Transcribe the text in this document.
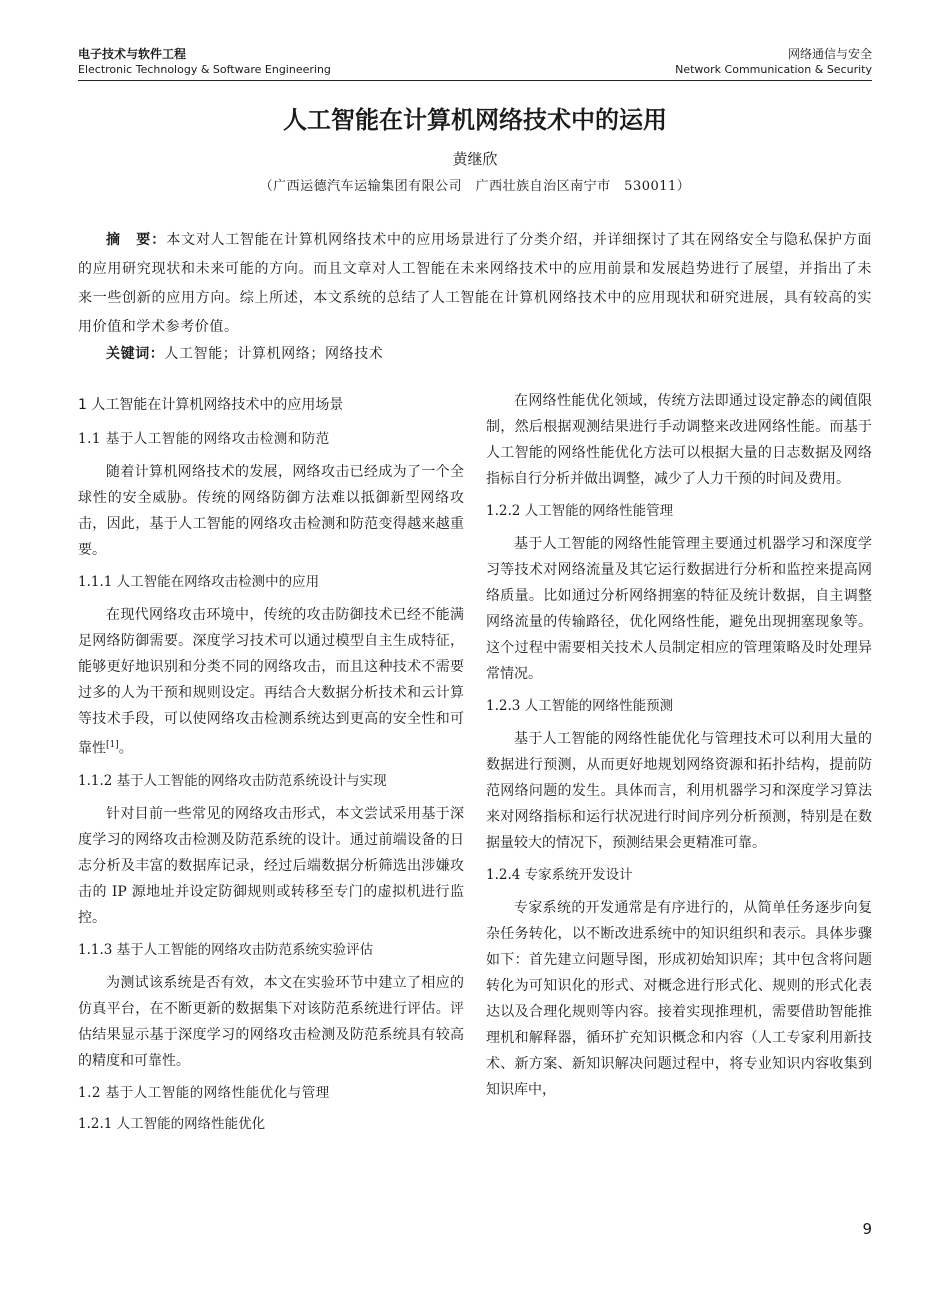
电子技术与软件工程
Electronic Technology & Software Engineering
网络通信与安全
Network Communication & Security
人工智能在计算机网络技术中的运用
黄继欣
（广西运德汽车运输集团有限公司　广西壮族自治区南宁市　530011）
摘　要：本文对人工智能在计算机网络技术中的应用场景进行了分类介绍，并详细探讨了其在网络安全与隐私保护方面的应用研究现状和未来可能的方向。而且文章对人工智能在未来网络技术中的应用前景和发展趋势进行了展望，并指出了未来一些创新的应用方向。综上所述，本文系统的总结了人工智能在计算机网络技术中的应用现状和研究进展，具有较高的实用价值和学术参考价值。
关键词：人工智能；计算机网络；网络技术
1 人工智能在计算机网络技术中的应用场景
1.1 基于人工智能的网络攻击检测和防范

随着计算机网络技术的发展，网络攻击已经成为了一个全球性的安全威胁。传统的网络防御方法难以抵御新型网络攻击，因此，基于人工智能的网络攻击检测和防范变得越来越重要。

1.1.1 人工智能在网络攻击检测中的应用

在现代网络攻击环境中，传统的攻击防御技术已经不能满足网络防御需要。深度学习技术可以通过模型自主生成特征，能够更好地识别和分类不同的网络攻击，而且这种技术不需要过多的人为干预和规则设定。再结合大数据分析技术和云计算等技术手段，可以使网络攻击检测系统达到更高的安全性和可靠性[1]。

1.1.2 基于人工智能的网络攻击防范系统设计与实现

针对目前一些常见的网络攻击形式，本文尝试采用基于深度学习的网络攻击检测及防范系统的设计。通过前端设备的日志分析及丰富的数据库记录，经过后端数据分析筛选出涉嫌攻击的 IP 源地址并设定防御规则或转移至专门的虚拟机进行监控。

1.1.3 基于人工智能的网络攻击防范系统实验评估

为测试该系统是否有效，本文在实验环节中建立了相应的仿真平台，在不断更新的数据集下对该防范系统进行评估。评估结果显示基于深度学习的网络攻击检测及防范系统具有较高的精度和可靠性。

1.2 基于人工智能的网络性能优化与管理
1.2.1 人工智能的网络性能优化

在网络性能优化领域，传统方法即通过设定静态的阈值限制，然后根据观测结果进行手动调整来改进网络性能。而基于人工智能的网络性能优化方法可以根据大量的日志数据及网络指标自行分析并做出调整，减少了人力干预的时间及费用。

1.2.2 人工智能的网络性能管理

基于人工智能的网络性能管理主要通过机器学习和深度学习等技术对网络流量及其它运行数据进行分析和监控来提高网络质量。比如通过分析网络拥塞的特征及统计数据，自主调整网络流量的传输路径，优化网络性能，避免出现拥塞现象等。这个过程中需要相关技术人员制定相应的管理策略及时处理异常情况。

1.2.3 人工智能的网络性能预测

基于人工智能的网络性能优化与管理技术可以利用大量的数据进行预测，从而更好地规划网络资源和拓扑结构，提前防范网络问题的发生。具体而言，利用机器学习和深度学习算法来对网络指标和运行状况进行时间序列分析预测，特别是在数据量较大的情况下，预测结果会更精准可靠。

1.2.4 专家系统开发设计

专家系统的开发通常是有序进行的，从简单任务逐步向复杂任务转化，以不断改进系统中的知识组织和表示。具体步骤如下：首先建立问题导图，形成初始知识库；其中包含将问题转化为可知识化的形式、对概念进行形式化、规则的形式化表达以及合理化规则等内容。接着实现推理机，需要借助智能推理机和解释器，循环扩充知识概念和内容（人工专家利用新技术、新方案、新知识解决问题过程中，将专业知识内容收集到知识库中，

9
